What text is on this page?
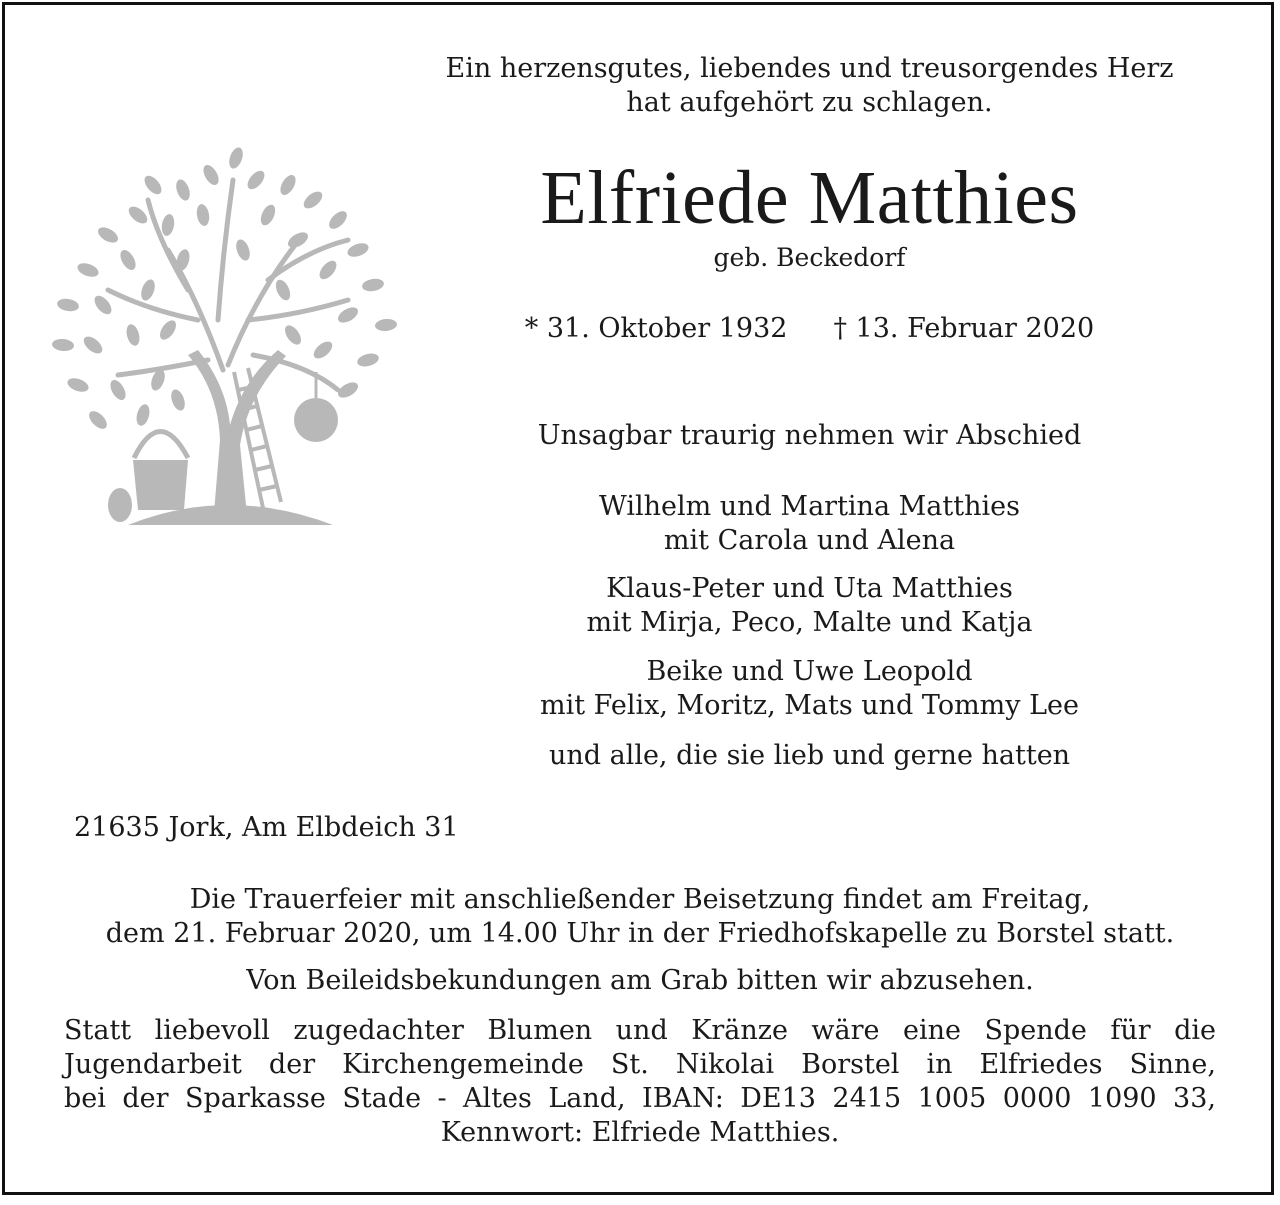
Ein herzensgutes, liebendes und treusorgendes Herz
hat aufgehört zu schlagen.
Elfriede Matthies
geb. Beckedorf
* 31. Oktober 1932 † 13. Februar 2020
Unsagbar traurig nehmen wir Abschied
Wilhelm und Martina Matthies
mit Carola und Alena
Klaus-Peter und Uta Matthies
mit Mirja, Peco, Malte und Katja
Beike und Uwe Leopold
mit Felix, Moritz, Mats und Tommy Lee
und alle, die sie lieb und gerne hatten
21635 Jork, Am Elbdeich 31
Die Trauerfeier mit anschließender Beisetzung findet am Freitag,
dem 21. Februar 2020, um 14.00 Uhr in der Friedhofskapelle zu Borstel statt.
Von Beileidsbekundungen am Grab bitten wir abzusehen.
Statt liebevoll zugedachter Blumen und Kränze wäre eine Spende für die
Jugendarbeit der Kirchengemeinde St. Nikolai Borstel in Elfriedes Sinne,
bei der Sparkasse Stade - Altes Land, IBAN: DE13 2415 1005 0000 1090 33,
Kennwort: Elfriede Matthies.
